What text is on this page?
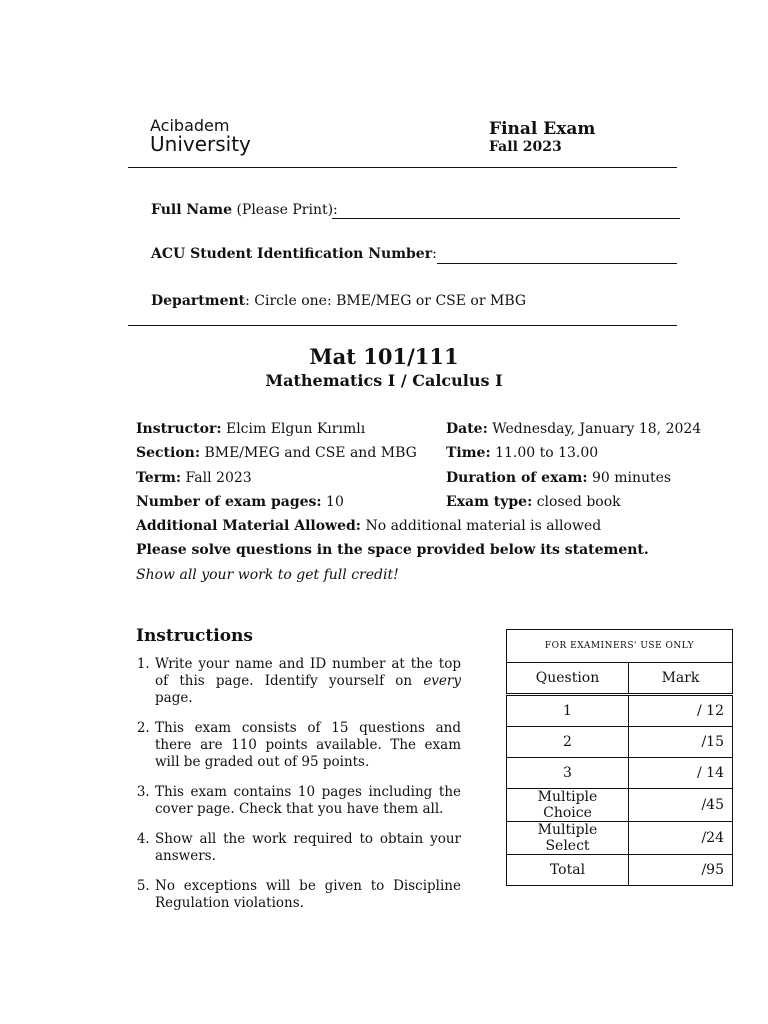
Acibadem
University
Final Exam
Fall 2023
Full Name (Please Print):
ACU Student Identification Number:
Department: Circle one: BME/MEG or CSE or MBG
Mat 101/111
Mathematics I / Calculus I
Instructor: Elcim Elgun Kırımlı
Section: BME/MEG and CSE and MBG
Term: Fall 2023
Number of exam pages: 10
Additional Material Allowed: No additional material is allowed
Date: Wednesday, January 18, 2024
Time: 11.00 to 13.00
Duration of exam: 90 minutes
Exam type: closed book
Please solve questions in the space provided below its statement.
Show all your work to get full credit!
Instructions
1. Write your name and ID number at the top of this page. Identify yourself on every page.
2. This exam consists of 15 questions and there are 110 points available. The exam will be graded out of 95 points.
3. This exam contains 10 pages including the cover page. Check that you have them all.
4. Show all the work required to obtain your answers.
5. No exceptions will be given to Discipline Regulation violations.
FOR EXAMINERS' USE ONLY	
Question	Mark
1	/ 12
2	/15
3	/ 14
Multiple Choice	/45
Multiple Select	/24
Total	/95
